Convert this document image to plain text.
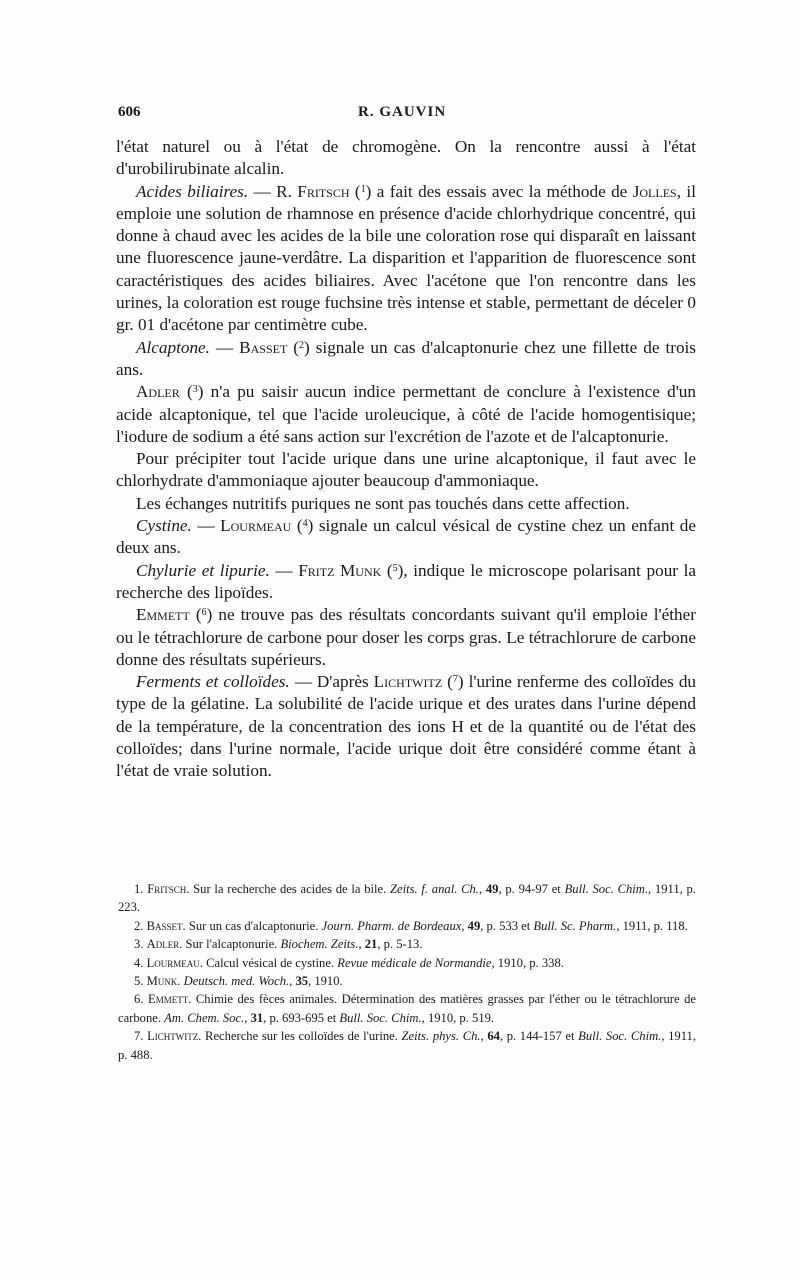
606	R. GAUVIN

l'état naturel ou à l'état de chromogène. On la rencontre aussi à l'état d'urobilirubinate alcalin.

Acides biliaires. — R. Fritsch ($^1$) a fait des essais avec la méthode de Jolles, il emploie une solution de rhamnose en présence d'acide chlorhydrique concentré, qui donne à chaud avec les acides de la bile une coloration rose qui disparaît en laissant une fluorescence jaune-verdâtre. La disparition et l'apparition de fluorescence sont caractéristiques des acides biliaires. Avec l'acétone que l'on rencontre dans les urines, la coloration est rouge fuchsine très intense et stable, permettant de déceler 0 gr. 01 d'acétone par centimètre cube.

Alcaptone. — Basset ($^2$) signale un cas d'alcaptonurie chez une fillette de trois ans.

Adler ($^3$) n'a pu saisir aucun indice permettant de conclure à l'existence d'un acide alcaptonique, tel que l'acide uroleucique, à côté de l'acide homogentisique; l'iodure de sodium a été sans action sur l'excrétion de l'azote et de l'alcaptonurie.

Pour précipiter tout l'acide urique dans une urine alcaptonique, il faut avec le chlorhydrate d'ammoniaque ajouter beaucoup d'ammoniaque.

Les échanges nutritifs puriques ne sont pas touchés dans cette affection.

Cystine. — Lourmeau ($^4$) signale un calcul vésical de cystine chez un enfant de deux ans.

Chylurie et lipurie. — Fritz Munk ($^5$), indique le microscope polarisant pour la recherche des lipoïdes.

Emmett ($^6$) ne trouve pas des résultats concordants suivant qu'il emploie l'éther ou le tétrachlorure de carbone pour doser les corps gras. Le tétrachlorure de carbone donne des résultats supérieurs.

Ferments et colloïdes. — D'après Lichtwitz ($^7$) l'urine renferme des colloïdes du type de la gélatine. La solubilité de l'acide urique et des urates dans l'urine dépend de la température, de la concentration des ions H et de la quantité ou de l'état des colloïdes; dans l'urine normale, l'acide urique doit être considéré comme étant à l'état de vraie solution.

1. Fritsch. Sur la recherche des acides de la bile. Zeits. f. anal. Ch., 49, p. 94-97 et Bull. Soc. Chim., 1911, p. 223.

2. Basset. Sur un cas d'alcaptonurie. Journ. Pharm. de Bordeaux, 49, p. 533 et Bull. Sc. Pharm., 1911, p. 118.

3. Adler. Sur l'alcaptonurie. Biochem. Zeits., 21, p. 5-13.

4. Lourmeau. Calcul vésical de cystine. Revue médicale de Normandie, 1910, p. 338.

5. Munk. Deutsch. med. Woch., 35, 1910.

6. Emmett. Chimie des fèces animales. Détermination des matières grasses par l'éther ou le tétrachlorure de carbone. Am. Chem. Soc., 31, p. 693-695 et Bull. Soc. Chim., 1910, p. 519.

7. Lichtwitz. Recherche sur les colloïdes de l'urine. Zeits. phys. Ch., 64, p. 144-157 et Bull. Soc. Chim., 1911, p. 488.
